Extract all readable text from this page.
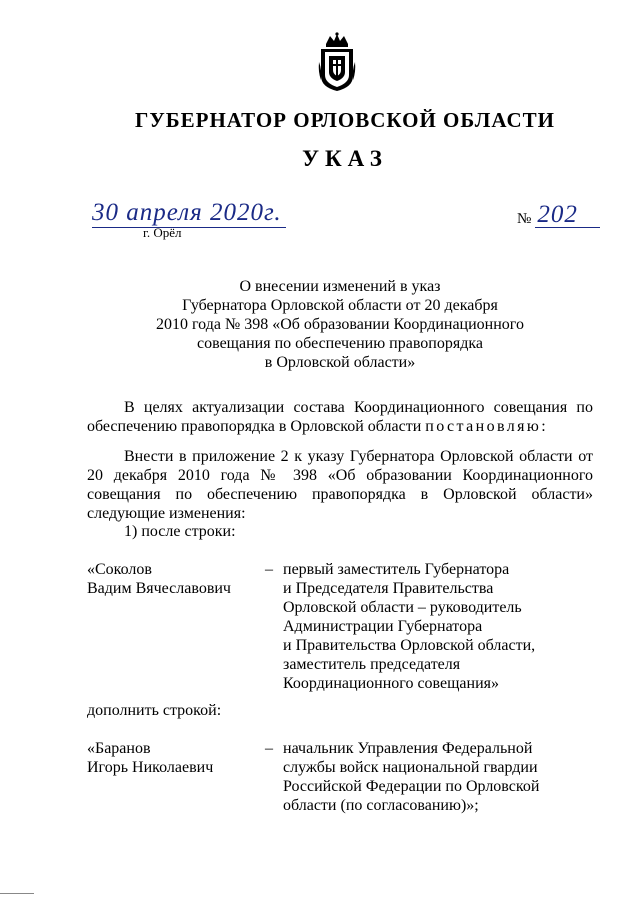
ГУБЕРНАТОР ОРЛОВСКОЙ ОБЛАСТИ
УКАЗ
30 апреля 2020г.
г. Орёл
№ 202
О внесении изменений в указ
Губернатора Орловской области от 20 декабря
2010 года № 398 «Об образовании Координационного
совещания по обеспечению правопорядка
в Орловской области»
В целях актуализации состава Координационного совещания по обеспечению правопорядка в Орловской области постановляю:
Внести в приложение 2 к указу Губернатора Орловской области от 20 декабря 2010 года № 398 «Об образовании Координационного совещания по обеспечению правопорядка в Орловской области» следующие изменения:
1) после строки:
«Соколов
Вадим Вячеславович
– первый заместитель Губернатора
и Председателя Правительства
Орловской области – руководитель
Администрации Губернатора
и Правительства Орловской области,
заместитель председателя
Координационного совещания»
дополнить строкой:
«Баранов
Игорь Николаевич
– начальник Управления Федеральной
службы войск национальной гвардии
Российской Федерации по Орловской
области (по согласованию)»;
